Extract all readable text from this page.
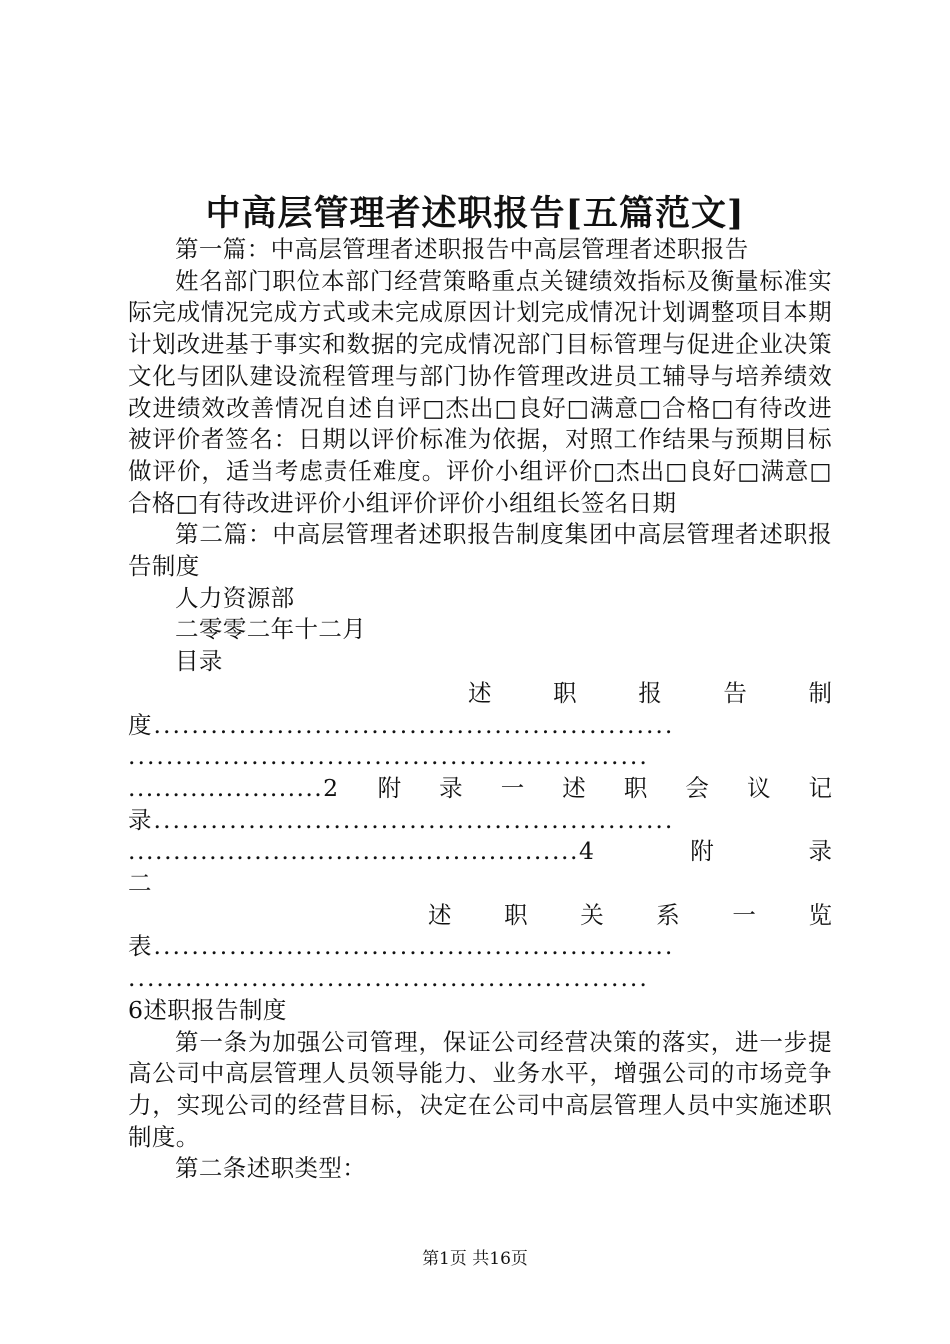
中高层管理者述职报告[五篇范文]

第一篇：中高层管理者述职报告中高层管理者述职报告

姓名部门职位本部门经营策略重点关键绩效指标及衡量标准实际完成情况完成方式或未完成原因计划完成情况计划调整项目本期计划改进基于事实和数据的完成情况部门目标管理与促进企业决策文化与团队建设流程管理与部门协作管理改进员工辅导与培养绩效改进绩效改善情况自述自评□杰出□良好□满意□合格□有待改进被评价者签名：日期以评价标准为依据，对照工作结果与预期目标做评价，适当考虑责任难度。评价小组评价□杰出□良好□满意□合格□有待改进评价小组评价评价小组组长签名日期

第二篇：中高层管理者述职报告制度集团中高层管理者述职报告制度

人力资源部

二零零二年十二月

目录

述	职	报	告	制
度.......................................................
.......................................................
......................2 附 录 一 述 职 会 议 记
录.......................................................
..................................................4	附	录
二
述 职 关 系 一 览
表.......................................................
.......................................................
6述职报告制度

第一条为加强公司管理，保证公司经营决策的落实，进一步提高公司中高层管理人员领导能力、业务水平，增强公司的市场竞争力，实现公司的经营目标，决定在公司中高层管理人员中实施述职制度。

第二条述职类型：

第1页 共16页
